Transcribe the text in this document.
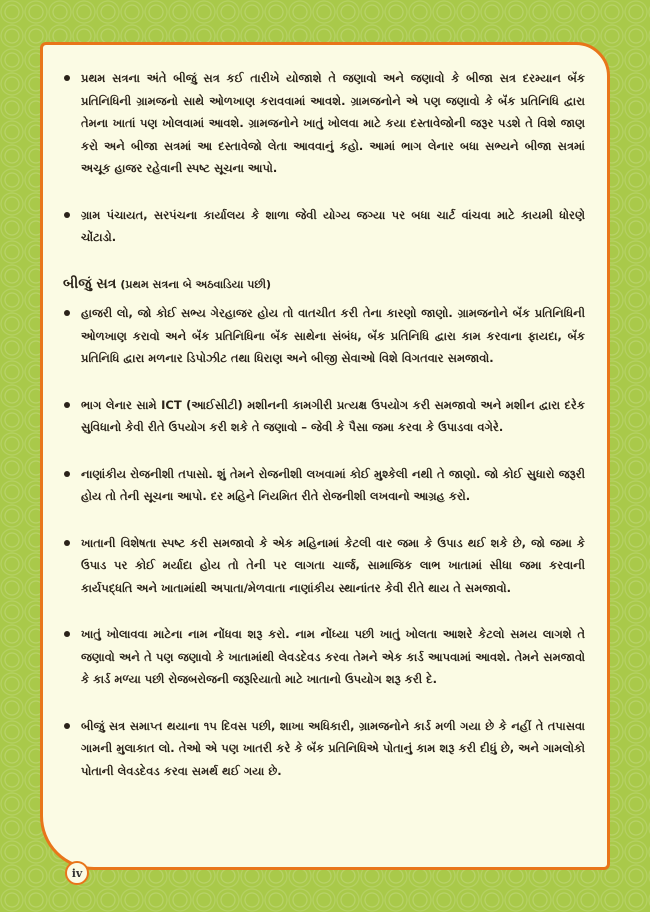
પ્રથમ સત્રના અંતે બીજું સત્ર કઈ તારીખે યોજાશે તે જણાવો અને જણાવો કે બીજા સત્ર દરમ્યાન બૅંક પ્રતિનિધિની ગ્રામજનો સાથે ઓળખાણ કરાવવામાં આવશે. ગ્રામજનોને એ પણ જણાવો કે બૅંક પ્રતિનિધિ દ્વારા તેમના ખાતાં પણ ખોલવામાં આવશે. ગ્રામજનોને ખાતું ખોલવા માટે કયા દસ્તાવેજોની જરૂર પડશે તે વિશે જાણ કરો અને બીજા સત્રમાં આ દસ્તાવેજો લેતા આવવાનું કહો. આમાં ભાગ લેનાર બધા સભ્યને બીજા સત્રમાં અચૂક હાજર રહેવાની સ્પષ્ટ સૂચના આપો.
ગ્રામ પંચાયત, સરપંચના કાર્યાલય કે શાળા જેવી યોગ્ય જગ્યા પર બધા ચાર્ટ વાંચવા માટે કાયમી ધોરણે ચોંટાડો.
બીજું સત્ર (પ્રથમ સત્રના બે અઠવાડિયા પછી)
હાજરી લો, જો કોઈ સભ્ય ગેરહાજર હોય તો વાતચીત કરી તેના કારણો જાણો. ગ્રામજનોને બૅંક પ્રતિનિધિની ઓળખાણ કરાવો અને બૅંક પ્રતિનિધિના બૅંક સાથેના સંબંધ, બૅંક પ્રતિનિધિ દ્વારા કામ કરવાના ફાયદા, બૅંક પ્રતિનિધિ દ્વારા મળનાર ડિપોઝીટ તથા ધિરાણ અને બીજી સેવાઓ વિશે વિગતવાર સમજાવો.
ભાગ લેનાર સામે ICT (આઈસીટી) મશીનની કામગીરી પ્રત્યક્ષ ઉપયોગ કરી સમજાવો અને મશીન દ્વારા દરેક સુવિધાનો કેવી રીતે ઉપયોગ કરી શકે તે જણાવો – જેવી કે પૈસા જમા કરવા કે ઉપાડવા વગેરે.
નાણાંકીય રોજનીશી તપાસો. શું તેમને રોજનીશી લખવામાં કોઈ મુશ્કેલી નથી તે જાણો. જો કોઈ સુધારો જરૂરી હોય તો તેની સૂચના આપો. દર મહિને નિયમિત રીતે રોજનીશી લખવાનો આગ્રહ કરો.
ખાતાની વિશેષતા સ્પષ્ટ કરી સમજાવો કે એક મહિનામાં કેટલી વાર જમા કે ઉપાડ થઈ શકે છે, જો જમા કે ઉપાડ પર કોઈ મર્યાદા હોય તો તેની પર લાગતા ચાર્જ, સામાજિક લાભ ખાતામાં સીધા જમા કરવાની કાર્યપદ્ધતિ અને ખાતામાંથી અપાતા/મેળવાતા નાણાંકીય સ્થાનાંતર કેવી રીતે થાય તે સમજાવો.
ખાતું ખોલાવવા માટેના નામ નોંધવા શરૂ કરો. નામ નોંધ્યા પછી ખાતું ખોલતા આશરે કેટલો સમય લાગશે તે જણાવો અને તે પણ જણાવો કે ખાતામાંથી લેવડદેવડ કરવા તેમને એક કાર્ડ આપવામાં આવશે. તેમને સમજાવો કે કાર્ડ મળ્યા પછી રોજબરોજની જરૂરિયાતો માટે ખાતાનો ઉપયોગ શરૂ કરી દે.
બીજું સત્ર સમાપ્ત થયાના ૧૫ દિવસ પછી, શાખા અધિકારી, ગ્રામજનોને કાર્ડ મળી ગયા છે કે નહીં તે તપાસવા ગામની મુલાકાત લો. તેઓ એ પણ ખાતરી કરે કે બૅંક પ્રતિનિધિએ પોતાનું કામ શરૂ કરી દીધું છે, અને ગામલોકો પોતાની લેવડદેવડ કરવા સમર્થ થઈ ગયા છે.
iv
